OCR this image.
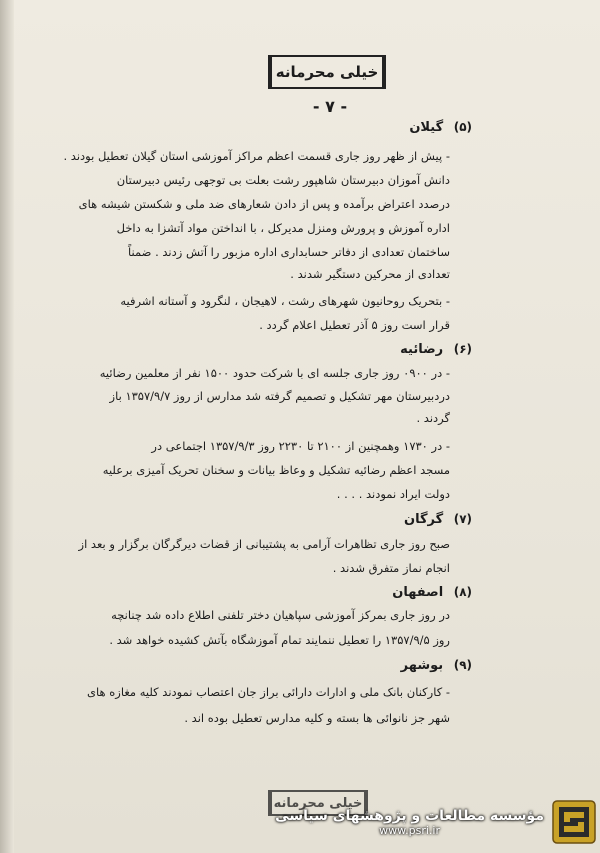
خیلی محرمانه
- ۷ -
(۵) گیلان
- پیش از ظهر روز جاری قسمت اعظم مراکز آموزشی استان گیلان تعطیل بودند .
دانش آموزان دبیرستان شاهپور رشت بعلت بی توجهی رئیس دبیرستان
درصدد اعتراض برآمده و پس از دادن شعارهای ضد ملی و شکستن شیشه های
اداره آموزش و پرورش ومنزل مدیرکل ، با انداختن مواد آتشزا به داخل
ساختمان تعدادی از دفاتر حسابداری اداره مزبور را آتش زدند . ضمناً
تعدادی از محرکین دستگیر شدند .
- بتحریک روحانیون شهرهای رشت ، لاهیجان ، لنگرود و آستانه اشرفیه
قرار است روز ۵ آذر تعطیل اعلام گردد .
(۶) رضائیه
- در ۰۹۰۰ روز جاری جلسه ای با شرکت حدود ۱۵۰۰ نفر از معلمین رضائیه
دردبیرستان مهر تشکیل و تصمیم گرفته شد مدارس از روز ۱۳۵۷/۹/۷ باز
گردند .
- در ۱۷۳۰ وهمچنین از ۲۱۰۰ تا ۲۲۳۰ روز ۱۳۵۷/۹/۳ اجتماعی در
مسجد اعظم رضائیه تشکیل و وعاظ بیانات و سخنان تحریک آمیزی برعلیه
دولت ایراد نمودند . . . .
(۷) گرگان
صبح روز جاری تظاهرات آرامی به پشتیبانی از قضات دیرگرگان برگزار و بعد از
انجام نماز متفرق شدند .
(۸) اصفهان
در روز جاری بمرکز آموزشی سپاهیان دختر تلفنی اطلاع داده شد چنانچه
روز ۱۳۵۷/۹/۵ را تعطیل ننمایند تمام آموزشگاه بآتش کشیده خواهد شد .
(۹) بوشهر
- کارکنان بانک ملی و ادارات دارائی براز جان اعتصاب نمودند کلیه مغازه های
شهر جز نانوائی ها بسته و کلیه مدارس تعطیل بوده اند .
خیلی محرمانه
مؤسسه مطالعات و پژوهشهای سیاسی
www.psri.ir
